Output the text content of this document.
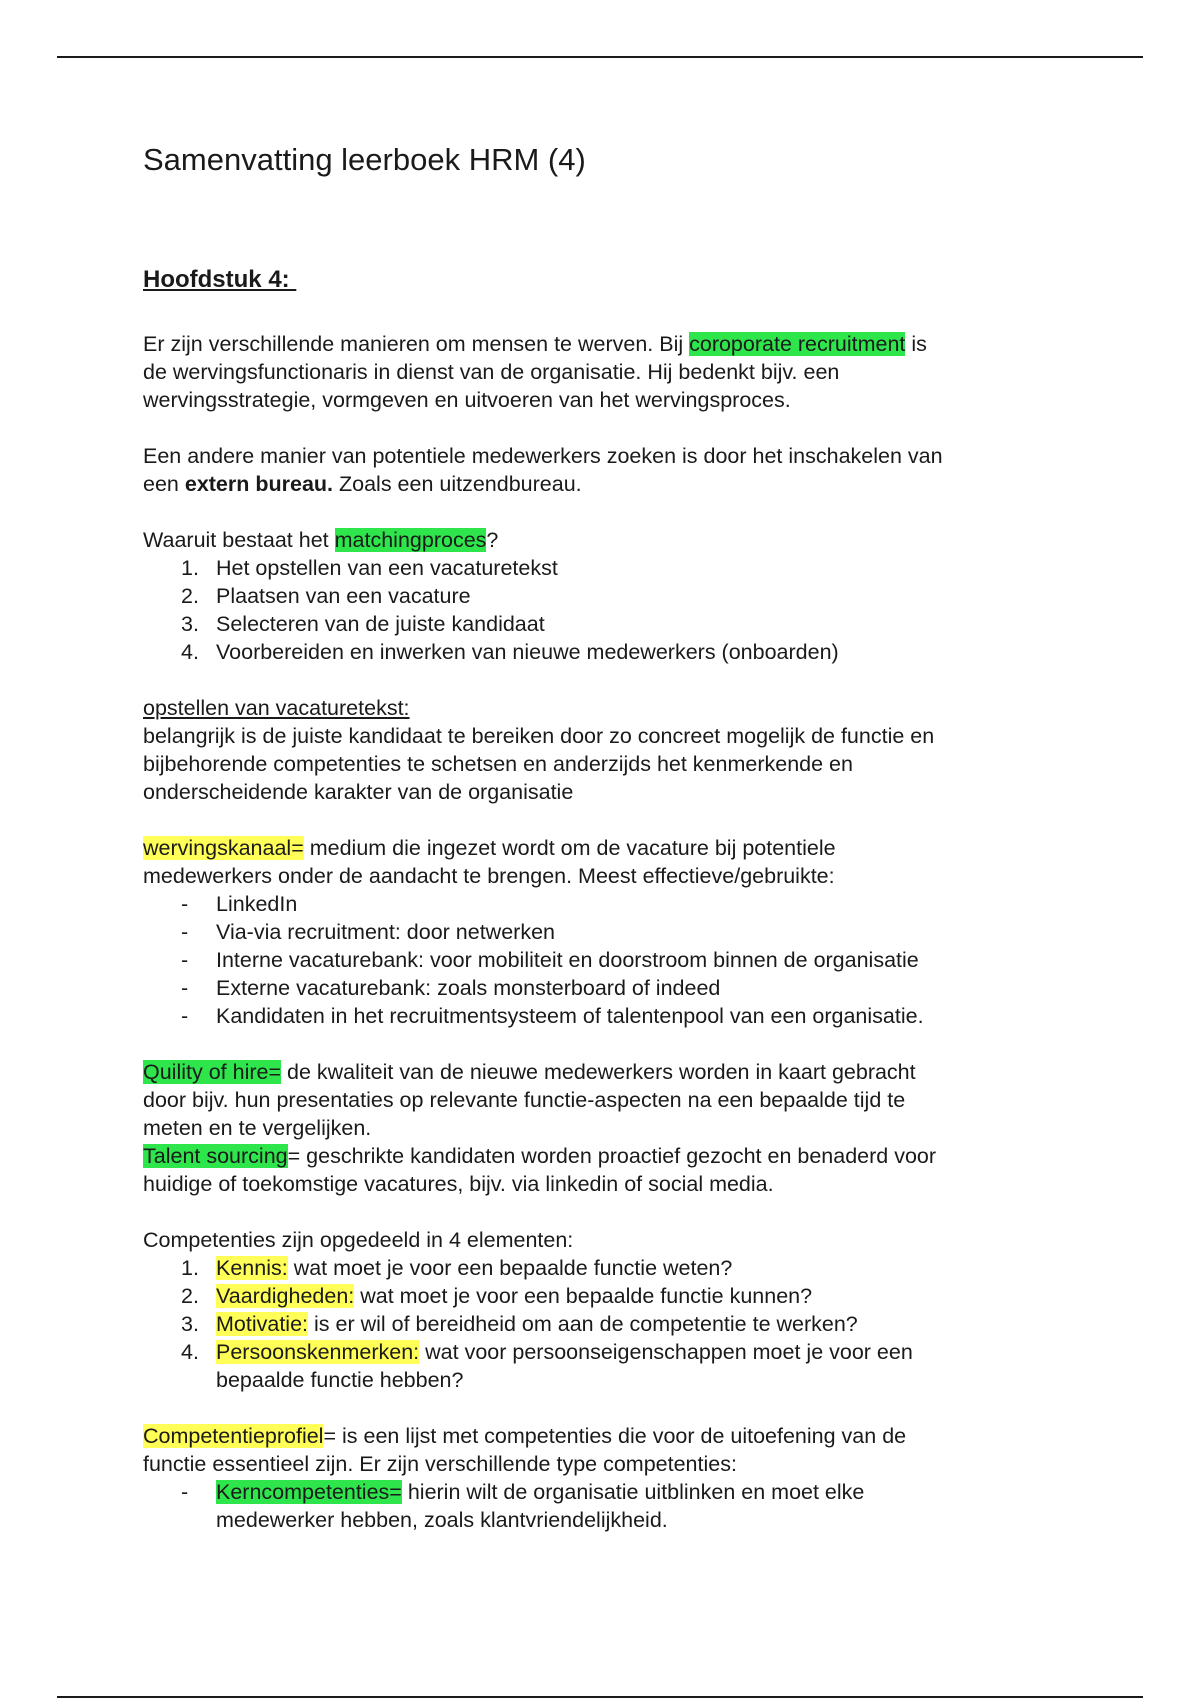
Samenvatting leerboek HRM (4)
Hoofdstuk 4:
Er zijn verschillende manieren om mensen te werven. Bij coroporate recruitment is
de wervingsfunctionaris in dienst van de organisatie. Hij bedenkt bijv. een
wervingsstrategie, vormgeven en uitvoeren van het wervingsproces.
Een andere manier van potentiele medewerkers zoeken is door het inschakelen van
een extern bureau. Zoals een uitzendbureau.
Waaruit bestaat het matchingproces?
1. Het opstellen van een vacaturetekst
2. Plaatsen van een vacature
3. Selecteren van de juiste kandidaat
4. Voorbereiden en inwerken van nieuwe medewerkers (onboarden)
opstellen van vacaturetekst:
belangrijk is de juiste kandidaat te bereiken door zo concreet mogelijk de functie en
bijbehorende competenties te schetsen en anderzijds het kenmerkende en
onderscheidende karakter van de organisatie
wervingskanaal= medium die ingezet wordt om de vacature bij potentiele
medewerkers onder de aandacht te brengen. Meest effectieve/gebruikte:
-	LinkedIn
-	Via-via recruitment: door netwerken
-	Interne vacaturebank: voor mobiliteit en doorstroom binnen de organisatie
-	Externe vacaturebank: zoals monsterboard of indeed
-	Kandidaten in het recruitmentsysteem of talentenpool van een organisatie.
Quility of hire= de kwaliteit van de nieuwe medewerkers worden in kaart gebracht
door bijv. hun presentaties op relevante functie-aspecten na een bepaalde tijd te
meten en te vergelijken.
Talent sourcing= geschrikte kandidaten worden proactief gezocht en benaderd voor
huidige of toekomstige vacatures, bijv. via linkedin of social media.
Competenties zijn opgedeeld in 4 elementen:
1. Kennis: wat moet je voor een bepaalde functie weten?
2. Vaardigheden: wat moet je voor een bepaalde functie kunnen?
3. Motivatie: is er wil of bereidheid om aan de competentie te werken?
4. Persoonskenmerken: wat voor persoonseigenschappen moet je voor een
bepaalde functie hebben?
Competentieprofiel= is een lijst met competenties die voor de uitoefening van de
functie essentieel zijn. Er zijn verschillende type competenties:
-	Kerncompetenties= hierin wilt de organisatie uitblinken en moet elke
medewerker hebben, zoals klantvriendelijkheid.
